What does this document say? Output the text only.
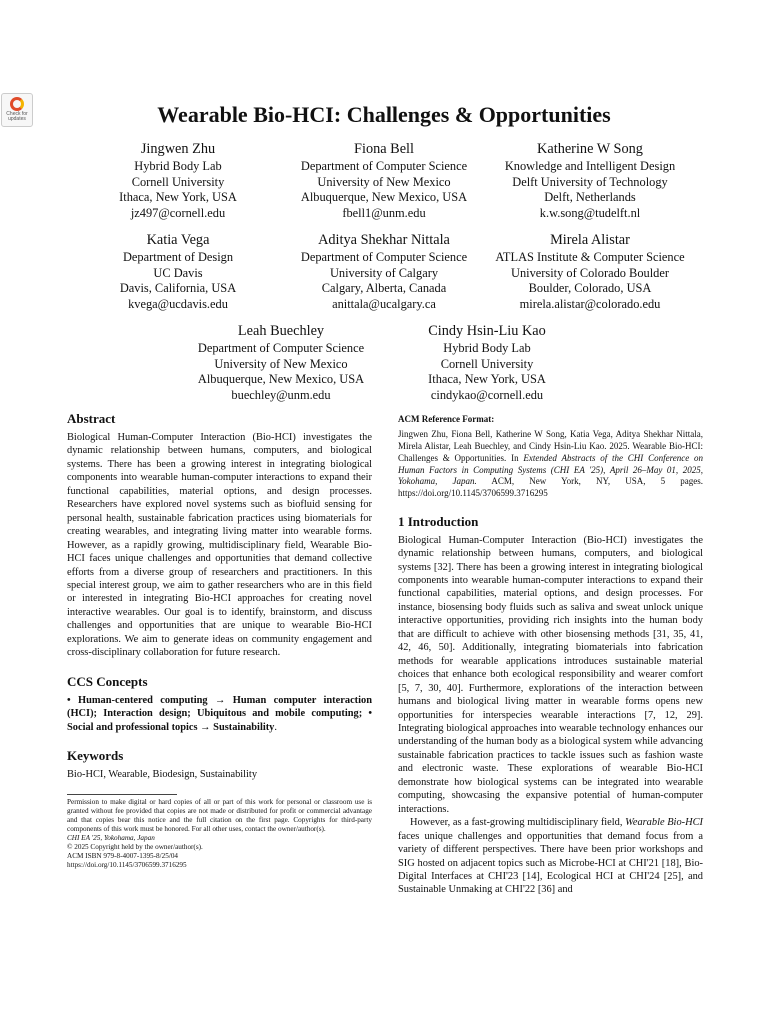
Check for updates	Wearable Bio-HCI: Challenges & Opportunities
Jingwen Zhu
Hybrid Body Lab
Cornell University
Ithaca, New York, USA
jz497@cornell.edu
Fiona Bell
Department of Computer Science
University of New Mexico
Albuquerque, New Mexico, USA
fbell1@unm.edu
Katherine W Song
Knowledge and Intelligent Design
Delft University of Technology
Delft, Netherlands
k.w.song@tudelft.nl
Katia Vega
Department of Design
UC Davis
Davis, California, USA
kvega@ucdavis.edu
Aditya Shekhar Nittala
Department of Computer Science
University of Calgary
Calgary, Alberta, Canada
anittala@ucalgary.ca
Mirela Alistar
ATLAS Institute & Computer Science
University of Colorado Boulder
Boulder, Colorado, USA
mirela.alistar@colorado.edu
Leah Buechley
Department of Computer Science
University of New Mexico
Albuquerque, New Mexico, USA
buechley@unm.edu
Cindy Hsin-Liu Kao
Hybrid Body Lab
Cornell University
Ithaca, New York, USA
cindykao@cornell.edu
Abstract

Biological Human-Computer Interaction (Bio-HCI) investigates the dynamic relationship between humans, computers, and biological systems. There has been a growing interest in integrating biological components into wearable human-computer interactions to expand their functional capabilities, material options, and design processes. Researchers have explored novel systems such as biofluid sensing for personal health, sustainable fabrication practices using biomaterials for creating wearables, and integrating living matter into wearable forms. However, as a rapidly growing, multidisciplinary field, Wearable Bio-HCI faces unique challenges and opportunities that demand collective efforts from a diverse group of researchers and practitioners. In this special interest group, we aim to gather researchers who are in this field or interested in integrating Bio-HCI approaches for creating novel interactive wearables. Our goal is to identify, brainstorm, and discuss challenges and opportunities that are unique to wearable Bio-HCI explorations. We aim to generate ideas on community engagement and cross-disciplinary collaboration for future research.

CCS Concepts

• Human-centered computing → Human computer interaction (HCI); Interaction design; Ubiquitous and mobile computing; • Social and professional topics → Sustainability.

Keywords

Bio-HCI, Wearable, Biodesign, Sustainability

Permission to make digital or hard copies of all or part of this work for personal or classroom use is granted without fee provided that copies are not made or distributed for profit or commercial advantage and that copies bear this notice and the full citation on the first page. Copyrights for third-party components of this work must be honored. For all other uses, contact the owner/author(s).
CHI EA '25, Yokohama, Japan
© 2025 Copyright held by the owner/author(s).
ACM ISBN 979-8-4007-1395-8/25/04
https://doi.org/10.1145/3706599.3716295
ACM Reference Format:
Jingwen Zhu, Fiona Bell, Katherine W Song, Katia Vega, Aditya Shekhar Nittala, Mirela Alistar, Leah Buechley, and Cindy Hsin-Liu Kao. 2025. Wearable Bio-HCI: Challenges & Opportunities. In Extended Abstracts of the CHI Conference on Human Factors in Computing Systems (CHI EA '25), April 26–May 01, 2025, Yokohama, Japan. ACM, New York, NY, USA, 5 pages. https://doi.org/10.1145/3706599.3716295
1 Introduction

Biological Human-Computer Interaction (Bio-HCI) investigates the dynamic relationship between humans, computers, and biological systems [32]. There has been a growing interest in integrating biological components into wearable human-computer interactions to expand their functional capabilities, material options, and design processes. For instance, biosensing body fluids such as saliva and sweat unlock unique interactive opportunities, providing rich insights into the human body that are difficult to achieve with other biosensing methods [31, 35, 41, 42, 46, 50]. Additionally, integrating biomaterials into fabrication methods for wearable applications introduces sustainable material choices that enhance both ecological responsibility and wearer comfort [5, 7, 30, 40]. Furthermore, explorations of the interaction between humans and biological living matter in wearable forms opens new opportunities for interspecies wearable interactions [7, 12, 29]. Integrating biological approaches into wearable technology enhances our understanding of the human body as a biological system while advancing sustainable fabrication practices to tackle issues such as fashion waste and electronic waste. These explorations of wearable Bio-HCI demonstrate how biological systems can be integrated into wearable computing, showcasing the expansive potential of human-computer interactions.

However, as a fast-growing multidisciplinary field, Wearable Bio-HCI faces unique challenges and opportunities that demand focus from a variety of different perspectives. There have been prior workshops and SIG hosted on adjacent topics such as Microbe-HCI at CHI'21 [18], Bio-Digital Interfaces at CHI'23 [14], Ecological HCI at CHI'24 [25], and Sustainable Unmaking at CHI'22 [36] and
